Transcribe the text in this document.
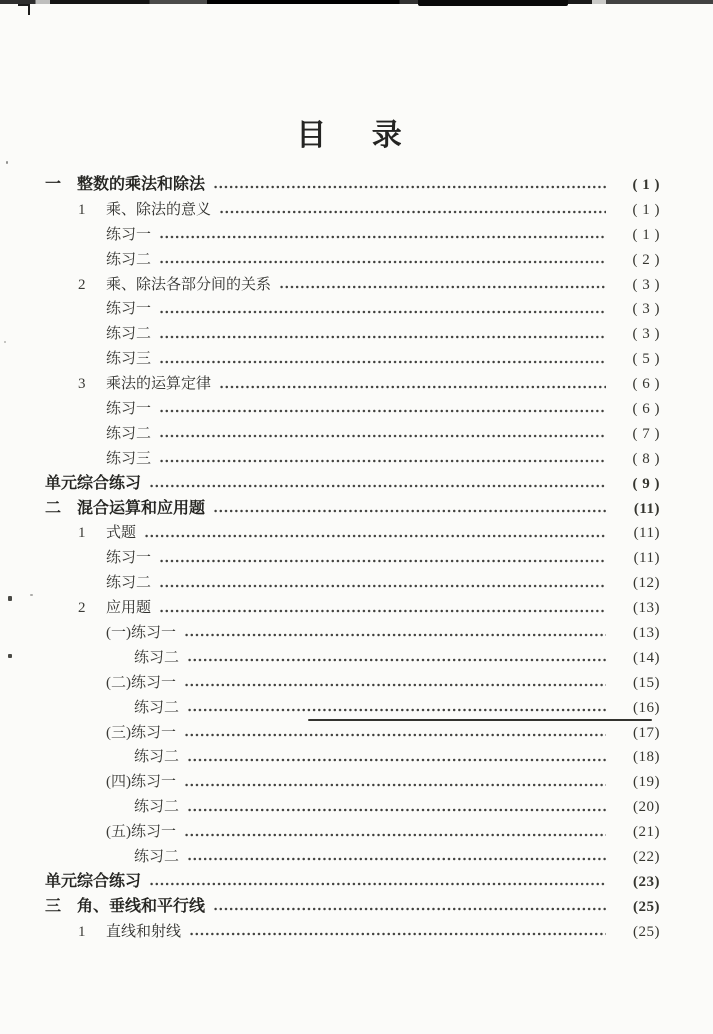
目 录
一 整数的乘法和除法	( 1 )
1	乘、除法的意义	( 1 )
练习一	( 1 )
练习二	( 2 )
2	乘、除法各部分间的关系	( 3 )
练习一	( 3 )
练习二	( 3 )
练习三	( 5 )
3	乘法的运算定律	( 6 )
练习一	( 6 )
练习二	( 7 )
练习三	( 8 )
单元综合练习	( 9 )
二 混合运算和应用题	(11)
1	式题	(11)
练习一	(11)
练习二	(12)
2	应用题	(13)
(一)练习一	(13)
练习二	(14)
(二)练习一	(15)
练习二	(16)
(三)练习一	(17)
练习二	(18)
(四)练习一	(19)
练习二	(20)
(五)练习一	(21)
练习二	(22)
单元综合练习	(23)
三 角、垂线和平行线	(25)
1	直线和射线	(25)
